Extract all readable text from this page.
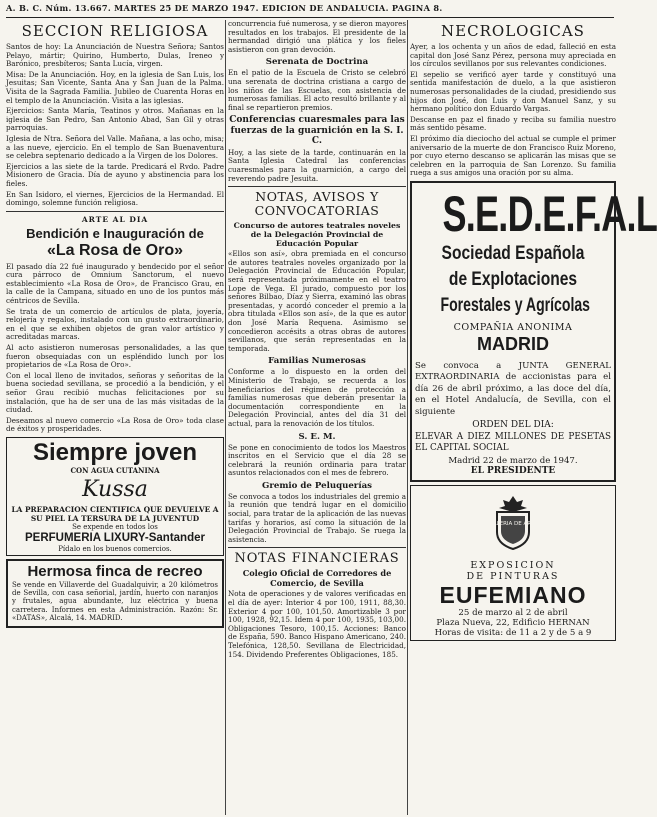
A. B. C. Núm. 13.667. MARTES 25 DE MARZO 1947. EDICION DE ANDALUCIA. PAGINA 8.
SECCION RELIGIOSA

Santos de hoy: La Anunciación de Nuestra Señora; Santos Pelayo, mártir; Quirino, Humberto, Dulas, Ireneo y Barónico, presbíteros; Santa Lucía, virgen.

Misa: De la Anunciación. Hoy, en la iglesia de San Luis, los Jesuitas; San Vicente, Santa Ana y San Juan de la Palma. Visita de la Sagrada Familia. Jubileo de Cuarenta Horas en el templo de la Anunciación. Visita a las iglesias.

Ejercicios: Santa María, Teatinos y otros. Mañanas en la iglesia de San Pedro, San Antonio Abad, San Gil y otras parroquias.

Iglesia de Ntra. Señora del Valle. Mañana, a las ocho, misa; a las nueve, ejercicio. En el templo de San Buenaventura se celebra septenario dedicado a la Virgen de los Dolores.

Ejercicios a las siete de la tarde. Predicará el Rvdo. Padre Misionero de Gracia. Día de ayuno y abstinencia para los fieles.

En San Isidoro, el viernes, Ejercicios de la Hermandad. El domingo, solemne función religiosa.

ARTE AL DIA
Bendición e Inauguración de
«La Rosa de Oro»

El pasado día 22 fué inaugurado y bendecido por el señor cura párroco de Omnium Sanctorum, el nuevo establecimiento «La Rosa de Oro», de Francisco Grau, en la calle de la Campana, situado en uno de los puntos más céntricos de Sevilla.

Se trata de un comercio de artículos de plata, joyería, relojería y regalos, instalado con un gusto extraordinario, en el que se exhiben objetos de gran valor artístico y acreditadas marcas.

Al acto asistieron numerosas personalidades, a las que fueron obsequiadas con un espléndido lunch por los propietarios de «La Rosa de Oro».

Con el local lleno de invitados, señoras y señoritas de la buena sociedad sevillana, se procedió a la bendición, y el señor Grau recibió muchas felicitaciones por su instalación, que ha de ser una de las más visitadas de la ciudad.

Deseamos al nuevo comercio «La Rosa de Oro» toda clase de éxitos y prosperidades.

Siempre joven
CON AGUA CUTANINA
Kussa
LA PREPARACION CIENTIFICA QUE DEVUELVE A SU PIEL LA TERSURA DE LA JUVENTUD
Se expende en todos los
PERFUMERIA LIXURY-Santander
Pídalo en los buenos comercios.
Hermosa finca de recreo

Se vende en Villaverde del Guadalquivir, a 20 kilómetros de Sevilla, con casa señorial, jardín, huerto con naranjos y frutales, agua abundante, luz eléctrica y buena carretera. Informes en esta Administración. Razón: Sr. «DATAS», Alcalá, 14. MADRID.

concurrencia fué numerosa, y se dieron mayores resultados en los trabajos. El presidente de la hermandad dirigió una plática y los fieles asistieron con gran devoción.

Serenata de Doctrina

En el patio de la Escuela de Cristo se celebró una serenata de doctrina cristiana a cargo de los niños de las Escuelas, con asistencia de numerosas familias. El acto resultó brillante y al final se repartieron premios.

Conferencias cuaresmales para las fuerzas de la guarnición en la S. I. C.

Hoy, a las siete de la tarde, continuarán en la Santa Iglesia Catedral las conferencias cuaresmales para la guarnición, a cargo del reverendo padre Jesuita.

NOTAS, AVISOS Y CONVOCATORIAS
Concurso de autores teatrales noveles de la Delegación Provincial de Educación Popular

«Ellos son así», obra premiada en el concurso de autores teatrales noveles organizado por la Delegación Provincial de Educación Popular, será representada próximamente en el teatro Lope de Vega. El jurado, compuesto por los señores Bilbao, Díaz y Sierra, examinó las obras presentadas, y acordó conceder el premio a la obra titulada «Ellos son así», de la que es autor don José María Requena. Asimismo se concedieron accésits a otras obras de autores sevillanos, que serán representadas en la temporada.

Familias Numerosas

Conforme a lo dispuesto en la orden del Ministerio de Trabajo, se recuerda a los beneficiarios del régimen de protección a familias numerosas que deberán presentar la documentación correspondiente en la Delegación Provincial, antes del día 31 del actual, para la renovación de los títulos.

S. E. M.

Se pone en conocimiento de todos los Maestros inscritos en el Servicio que el día 28 se celebrará la reunión ordinaria para tratar asuntos relacionados con el mes de febrero.

Gremio de Peluquerías

Se convoca a todos los industriales del gremio a la reunión que tendrá lugar en el domicilio social, para tratar de la aplicación de las nuevas tarifas y horarios, así como la situación de la Delegación Provincial de Trabajo. Se ruega la asistencia.

NOTAS FINANCIERAS
Colegio Oficial de Corredores de Comercio, de Sevilla

Nota de operaciones y de valores verificadas en el día de ayer: Interior 4 por 100, 1911, 88,30. Exterior 4 por 100, 101,50. Amortizable 3 por 100, 1928, 92,15. Idem 4 por 100, 1935, 103,00. Obligaciones Tesoro, 100,15. Acciones: Banco de España, 590. Banco Hispano Americano, 240. Telefónica, 128,50. Sevillana de Electricidad, 154. Dividendo Preferentes Obligaciones, 185.

NECROLOGICAS

Ayer, a los ochenta y un años de edad, falleció en esta capital don José Sanz Pérez, persona muy apreciada en los círculos sevillanos por sus relevantes condiciones.

El sepelio se verificó ayer tarde y constituyó una sentida manifestación de duelo, a la que asistieron numerosas personalidades de la ciudad, presidiendo sus hijos don José, don Luis y don Manuel Sanz, y su hermano político don Eduardo Vargas.

Descanse en paz el finado y reciba su familia nuestro más sentido pésame.

El próximo día dieciocho del actual se cumple el primer aniversario de la muerte de don Francisco Ruiz Moreno, por cuyo eterno descanso se aplicarán las misas que se celebren en la parroquia de San Lorenzo. Su familia ruega a sus amigos una oración por su alma.

S.E.D.E.F.A.L
Sociedad Española
de Explotaciones
Forestales y Agrícolas
COMPAÑIA ANONIMA
MADRID

Se convoca a JUNTA GENERAL EXTRAORDINARIA de accionistas para el día 26 de abril próximo, a las doce del día, en el Hotel Andalucía, de Sevilla, con el siguiente

ORDEN DEL DIA:
ELEVAR A DIEZ MILLONES DE PESETAS EL CAPITAL SOCIAL
Madrid 22 de marzo de 1947.
EL PRESIDENTE
GALERIA DE ARTE
EXPOSICION
DE PINTURAS
EUFEMIANO
25 de marzo al 2 de abril
Plaza Nueva, 22, Edificio HERNAN
Horas de visita: de 11 a 2 y de 5 a 9
